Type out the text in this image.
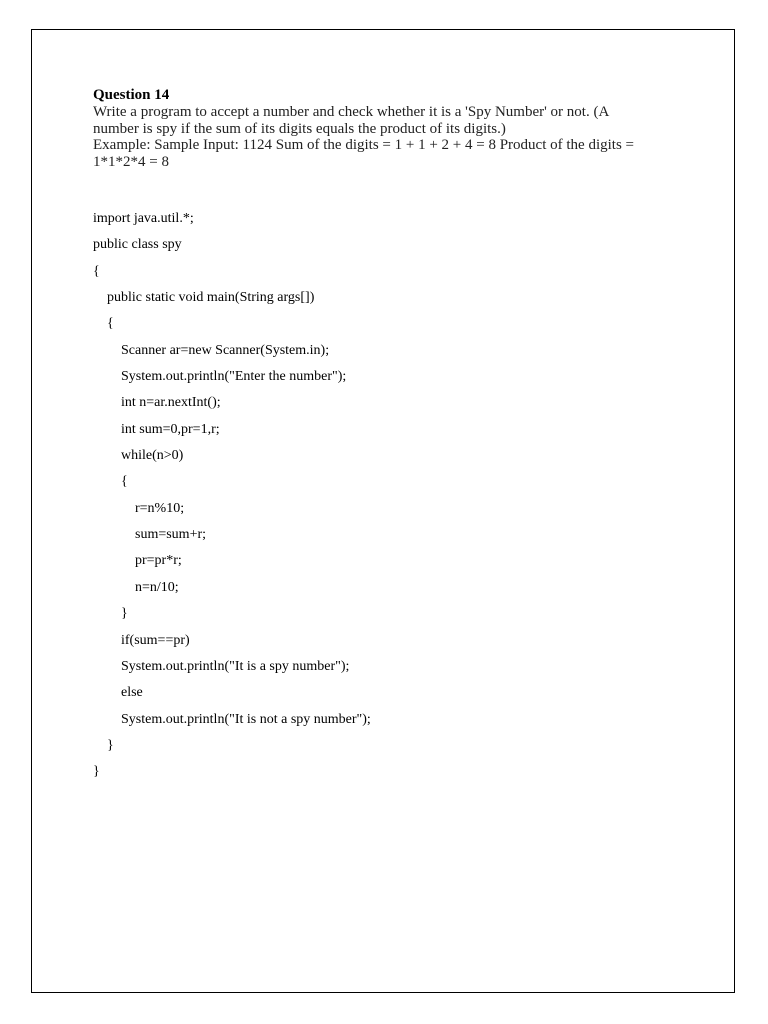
Question 14

Write a program to accept a number and check whether it is a 'Spy Number' or not. (A

number is spy if the sum of its digits equals the product of its digits.)

Example: Sample Input: 1124 Sum of the digits = 1 + 1 + 2 + 4 = 8 Product of the digits =

1*1*2*4 = 8

import java.util.*;

public class spy

{

public static void main(String args[])

{

Scanner ar=new Scanner(System.in);

System.out.println("Enter the number");

int n=ar.nextInt();

int sum=0,pr=1,r;

while(n>0)

{

r=n%10;

sum=sum+r;

pr=pr*r;

n=n/10;

}

if(sum==pr)

System.out.println("It is a spy number");

else

System.out.println("It is not a spy number");

}

}
